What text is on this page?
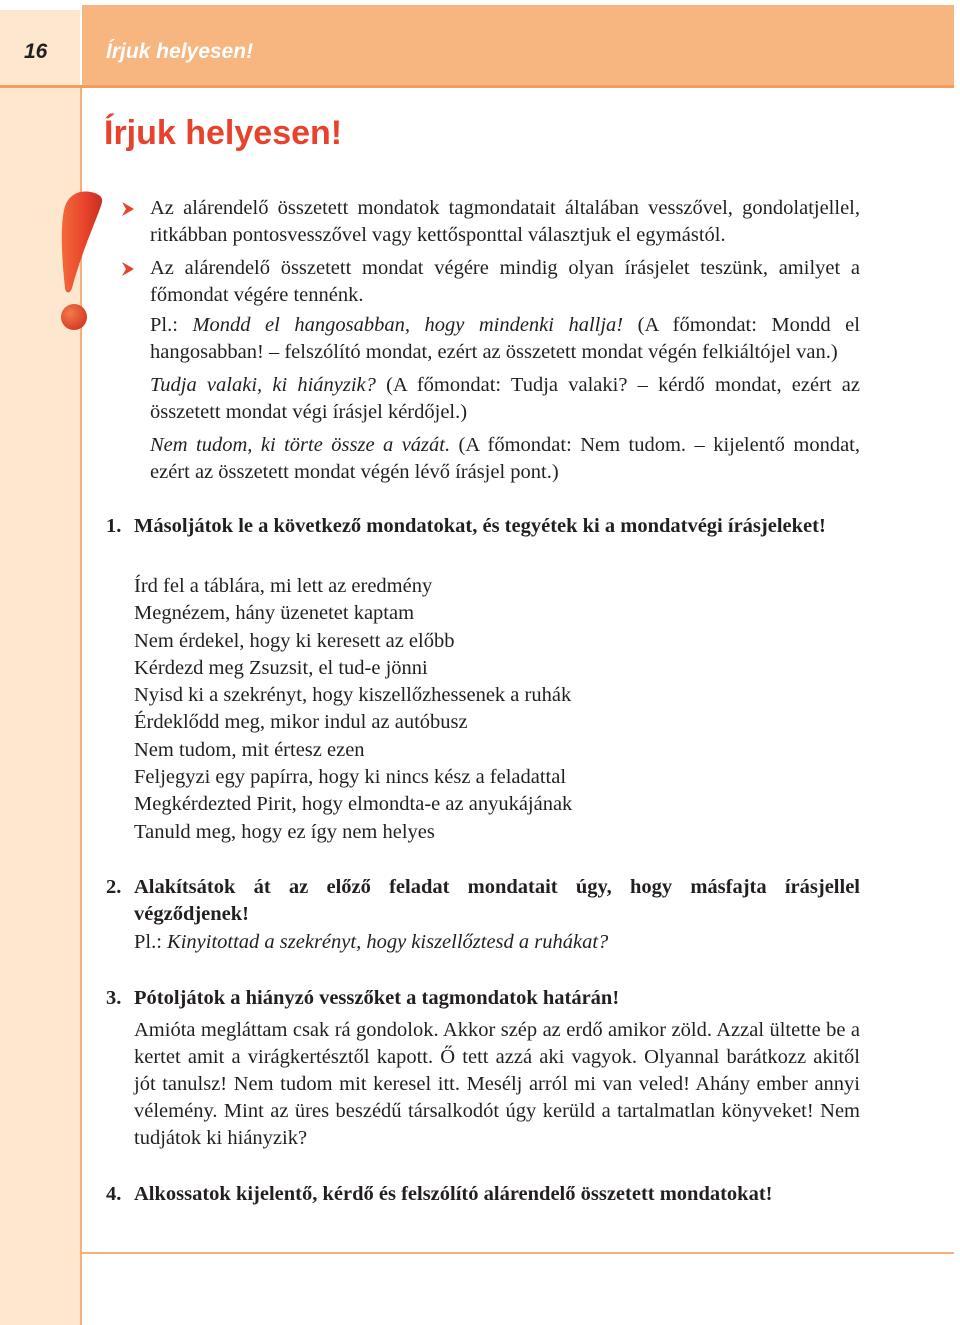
16	Írjuk helyesen!
Írjuk helyesen!

Az alárendelő összetett mondatok tagmondatait általában vesszővel, gondolatjellel, ritkábban pontosvesszővel vagy kettősponttal választjuk el egymástól.

Az alárendelő összetett mondat végére mindig olyan írásjelet teszünk, amilyet a főmondat végére tennénk.

Pl.: Mondd el hangosabban, hogy mindenki hallja! (A főmondat: Mondd el hangosabban! – felszólító mondat, ezért az összetett mondat végén felkiáltójel van.)

Tudja valaki, ki hiányzik? (A főmondat: Tudja valaki? – kérdő mondat, ezért az összetett mondat végi írásjel kérdőjel.)

Nem tudom, ki törte össze a vázát. (A főmondat: Nem tudom. – kijelentő mondat, ezért az összetett mondat végén lévő írásjel pont.)

1. Másoljátok le a következő mondatokat, és tegyétek ki a mondatvégi írásjeleket!

Írd fel a táblára, mi lett az eredmény
Megnézem, hány üzenetet kaptam
Nem érdekel, hogy ki keresett az előbb
Kérdezd meg Zsuzsit, el tud-e jönni
Nyisd ki a szekrényt, hogy kiszellőzhessenek a ruhák
Érdeklődd meg, mikor indul az autóbusz
Nem tudom, mit értesz ezen
Feljegyzi egy papírra, hogy ki nincs kész a feladattal
Megkérdezted Pirit, hogy elmondta-e az anyukájának
Tanuld meg, hogy ez így nem helyes
2. Alakítsátok át az előző feladat mondatait úgy, hogy másfajta írásjellel végződjenek!

Pl.: Kinyitottad a szekrényt, hogy kiszellőztesd a ruhákat?

3. Pótoljátok a hiányzó vesszőket a tagmondatok határán!

Amióta megláttam csak rá gondolok. Akkor szép az erdő amikor zöld. Azzal ültette be a kertet amit a virágkertésztől kapott. Ő tett azzá aki vagyok. Olyannal barátkozz akitől jót tanulsz! Nem tudom mit keresel itt. Mesélj arról mi van veled! Ahány ember annyi vélemény. Mint az üres beszédű társalkodót úgy kerüld a tartalmatlan könyveket! Nem tudjátok ki hiányzik?

4. Alkossatok kijelentő, kérdő és felszólító alárendelő összetett mondatokat!
